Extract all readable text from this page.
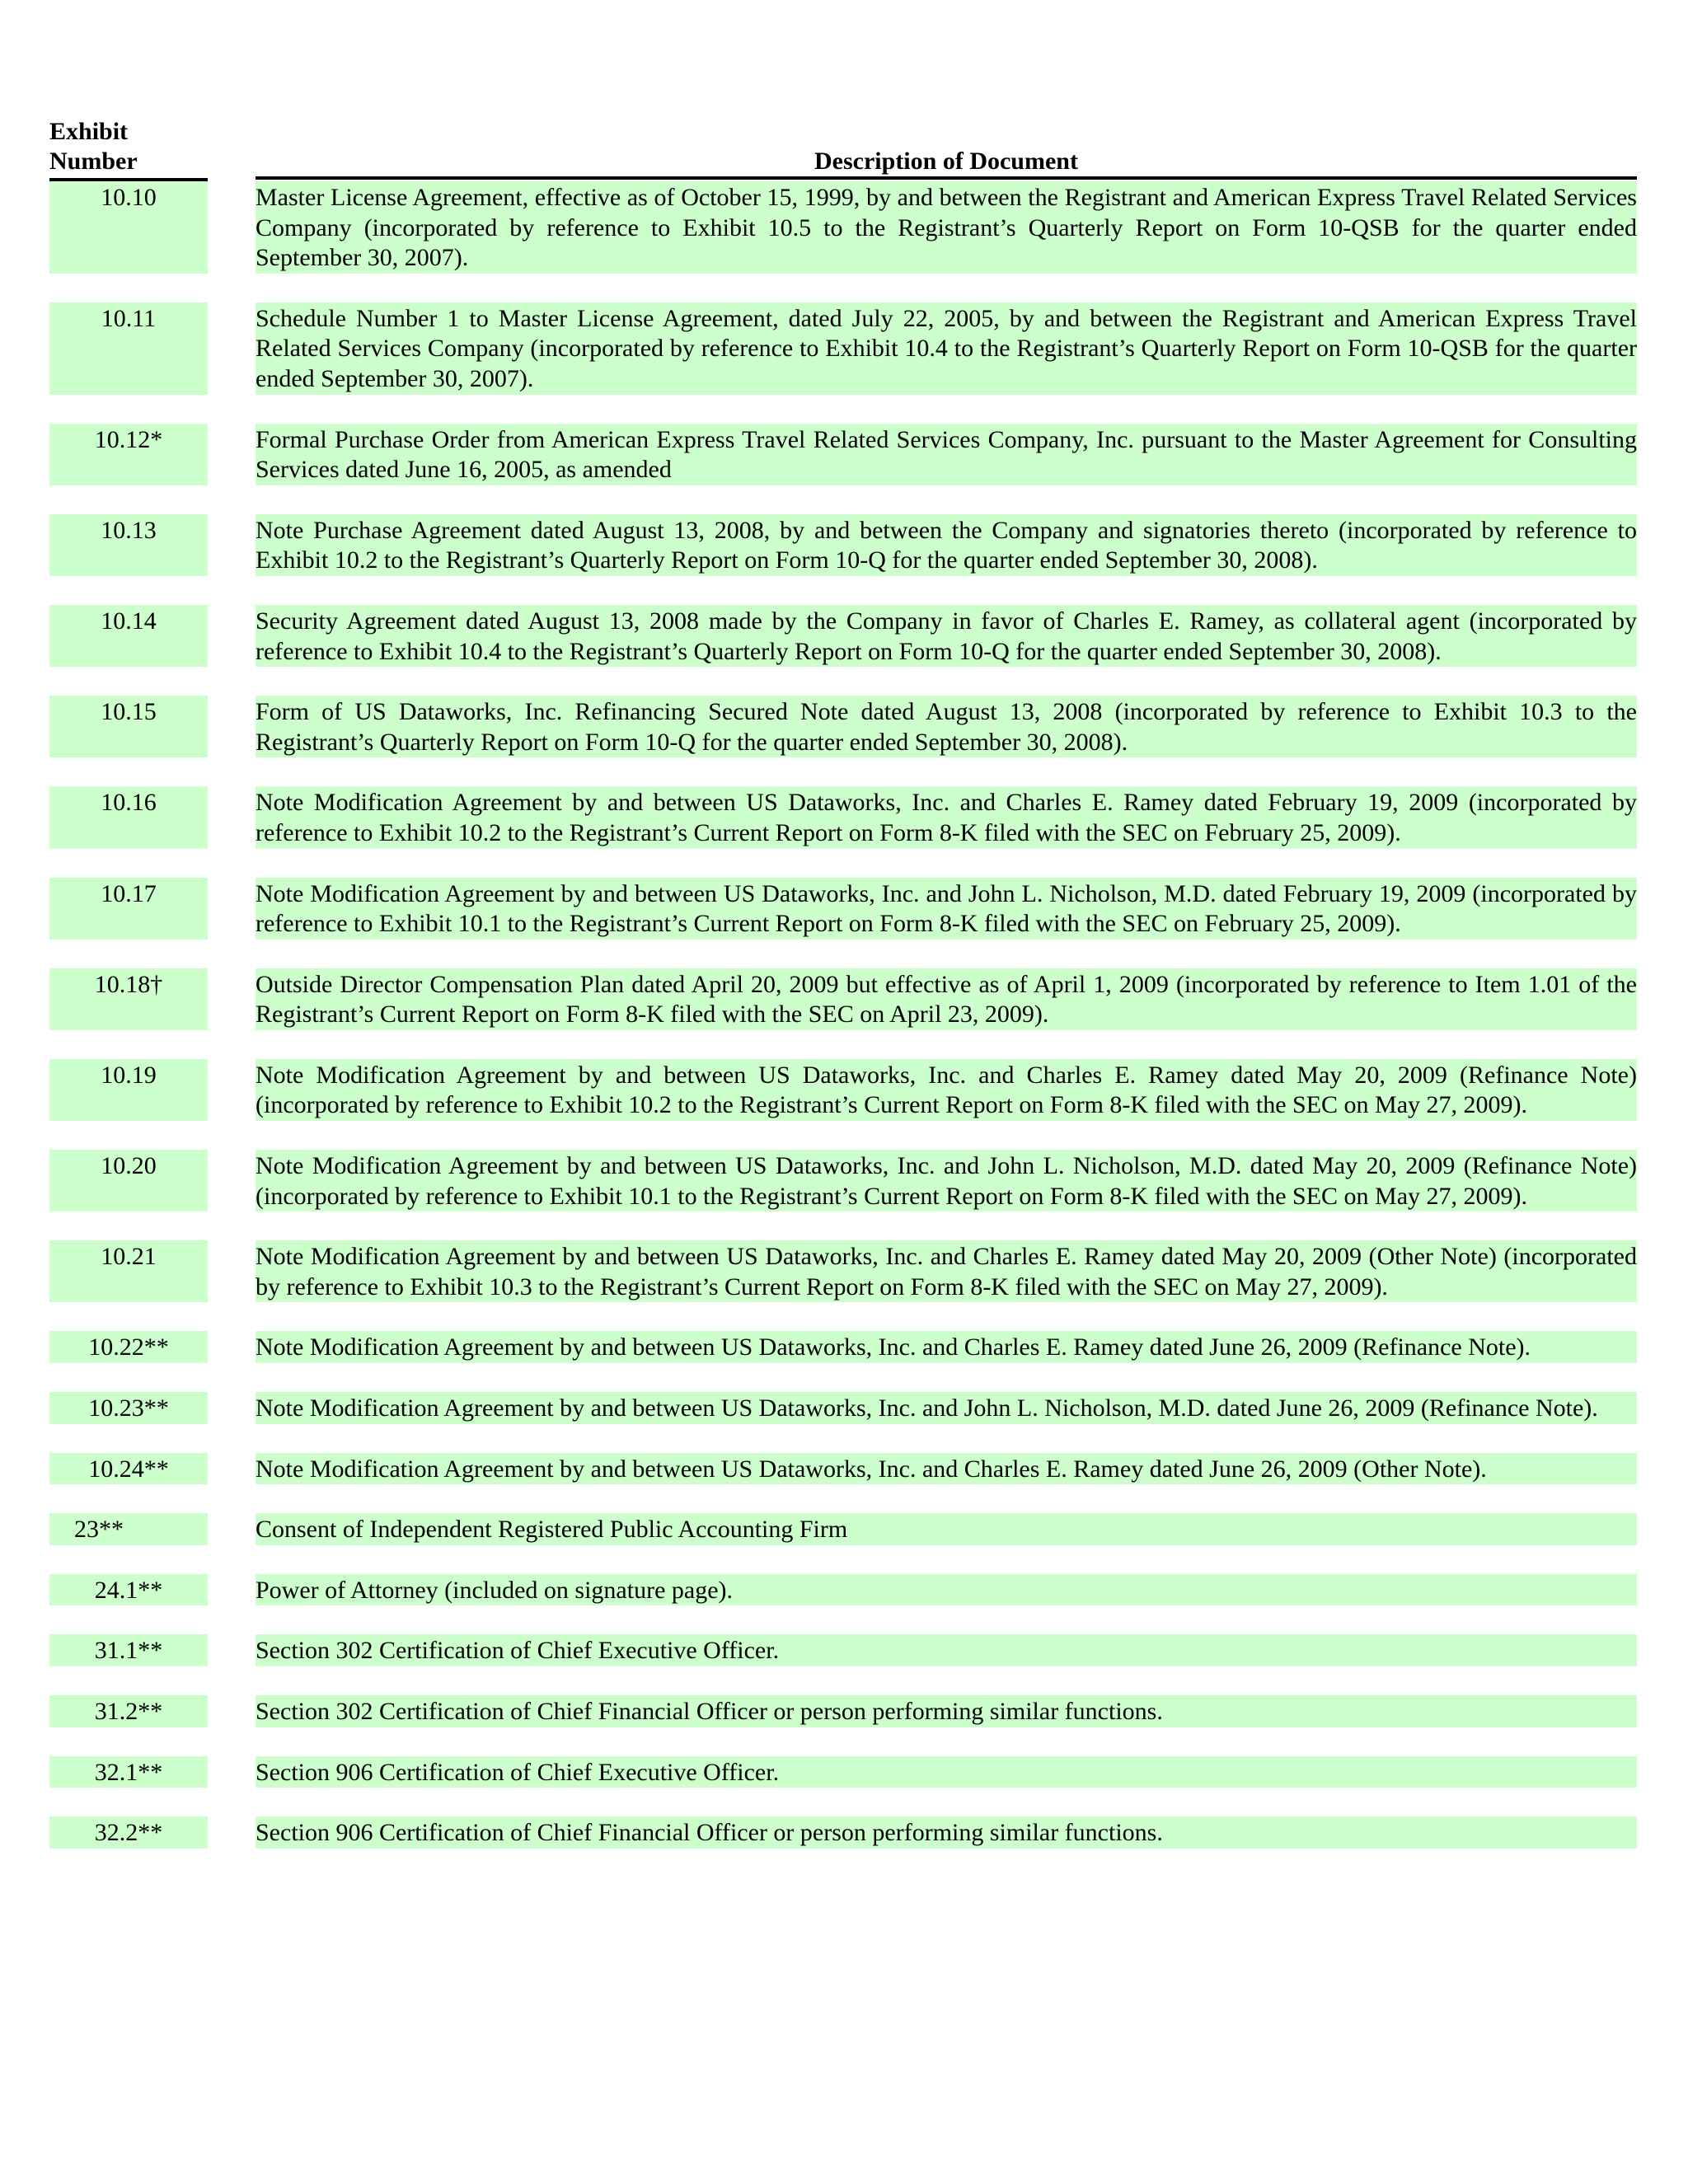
Exhibit
Number	Description of Document
10.10	Master License Agreement, effective as of October 15, 1999, by and between the Registrant and American Express Travel Related Services Company (incorporated by reference to Exhibit 10.5 to the Registrant’s Quarterly Report on Form 10-QSB for the quarter ended September 30, 2007).
10.11	Schedule Number 1 to Master License Agreement, dated July 22, 2005, by and between the Registrant and American Express Travel Related Services Company (incorporated by reference to Exhibit 10.4 to the Registrant’s Quarterly Report on Form 10-QSB for the quarter ended September 30, 2007).
10.12*	Formal Purchase Order from American Express Travel Related Services Company, Inc. pursuant to the Master Agreement for Consulting Services dated June 16, 2005, as amended
10.13	Note Purchase Agreement dated August 13, 2008, by and between the Company and signatories thereto (incorporated by reference to Exhibit 10.2 to the Registrant’s Quarterly Report on Form 10-Q for the quarter ended September 30, 2008).
10.14	Security Agreement dated August 13, 2008 made by the Company in favor of Charles E. Ramey, as collateral agent (incorporated by reference to Exhibit 10.4 to the Registrant’s Quarterly Report on Form 10-Q for the quarter ended September 30, 2008).
10.15	Form of US Dataworks, Inc. Refinancing Secured Note dated August 13, 2008 (incorporated by reference to Exhibit 10.3 to the Registrant’s Quarterly Report on Form 10-Q for the quarter ended September 30, 2008).
10.16	Note Modification Agreement by and between US Dataworks, Inc. and Charles E. Ramey dated February 19, 2009 (incorporated by reference to Exhibit 10.2 to the Registrant’s Current Report on Form 8-K filed with the SEC on February 25, 2009).
10.17	Note Modification Agreement by and between US Dataworks, Inc. and John L. Nicholson, M.D. dated February 19, 2009 (incorporated by reference to Exhibit 10.1 to the Registrant’s Current Report on Form 8-K filed with the SEC on February 25, 2009).
10.18†	Outside Director Compensation Plan dated April 20, 2009 but effective as of April 1, 2009 (incorporated by reference to Item 1.01 of the Registrant’s Current Report on Form 8-K filed with the SEC on April 23, 2009).
10.19	Note Modification Agreement by and between US Dataworks, Inc. and Charles E. Ramey dated May 20, 2009 (Refinance Note) (incorporated by reference to Exhibit 10.2 to the Registrant’s Current Report on Form 8-K filed with the SEC on May 27, 2009).
10.20	Note Modification Agreement by and between US Dataworks, Inc. and John L. Nicholson, M.D. dated May 20, 2009 (Refinance Note) (incorporated by reference to Exhibit 10.1 to the Registrant’s Current Report on Form 8-K filed with the SEC on May 27, 2009).
10.21	Note Modification Agreement by and between US Dataworks, Inc. and Charles E. Ramey dated May 20, 2009 (Other Note) (incorporated by reference to Exhibit 10.3 to the Registrant’s Current Report on Form 8-K filed with the SEC on May 27, 2009).
10.22**	Note Modification Agreement by and between US Dataworks, Inc. and Charles E. Ramey dated June 26, 2009 (Refinance Note).
10.23**	Note Modification Agreement by and between US Dataworks, Inc. and John L. Nicholson, M.D. dated June 26, 2009 (Refinance Note).
10.24**	Note Modification Agreement by and between US Dataworks, Inc. and Charles E. Ramey dated June 26, 2009 (Other Note).
23**	Consent of Independent Registered Public Accounting Firm
24.1**	Power of Attorney (included on signature page).
31.1**	Section 302 Certification of Chief Executive Officer.
31.2**	Section 302 Certification of Chief Financial Officer or person performing similar functions.
32.1**	Section 906 Certification of Chief Executive Officer.
32.2**	Section 906 Certification of Chief Financial Officer or person performing similar functions.
